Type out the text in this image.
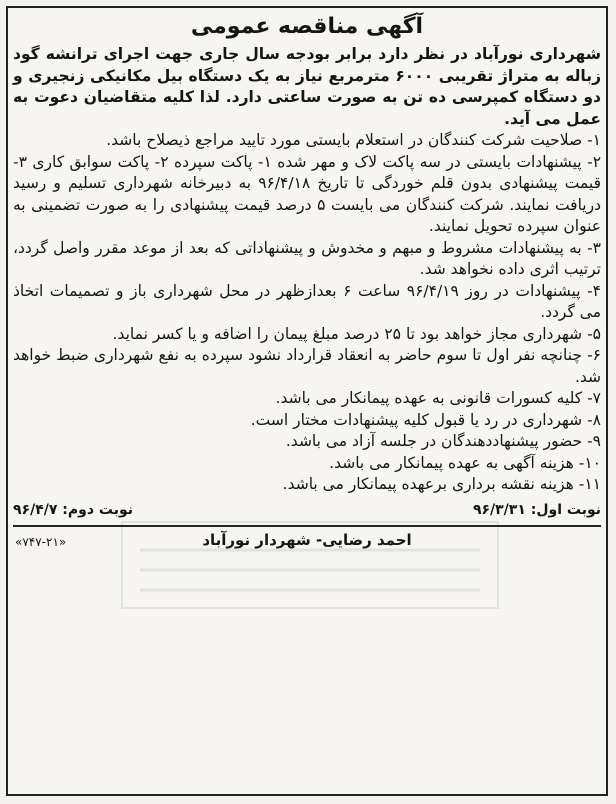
آگهی مناقصه عمومی

شهرداری نورآباد در نظر دارد برابر بودجه سال جاری جهت اجرای ترانشه گود زباله به متراژ تقریبی ۶۰۰۰ مترمربع نیاز به یک دستگاه بیل مکانیکی زنجیری و دو دستگاه کمپرسی ده تن به صورت ساعتی دارد. لذا کلیه متقاضیان دعوت به عمل می آید.

۱- صلاحیت شرکت کنندگان در استعلام بایستی مورد تایید مراجع ذیصلاح باشد.

۲- پیشنهادات بایستی در سه پاکت لاک و مهر شده ۱- پاکت سپرده ۲- پاکت سوابق کاری ۳- قیمت پیشنهادی بدون قلم خوردگی تا تاریخ ۹۶/۴/۱۸ به دبیرخانه شهرداری تسلیم و رسید دریافت نمایند. شرکت کنندگان می بایست ۵ درصد قیمت پیشنهادی را به صورت تضمینی به عنوان سپرده تحویل نمایند.

۳- به پیشنهادات مشروط و مبهم و مخدوش و پیشنهاداتی که بعد از موعد مقرر واصل گردد، ترتیب اثری داده نخواهد شد.

۴- پیشنهادات در روز ۹۶/۴/۱۹ ساعت ۶ بعدازظهر در محل شهرداری باز و تصمیمات اتخاذ می گردد.

۵- شهرداری مجاز خواهد بود تا ۲۵ درصد مبلغ پیمان را اضافه و یا کسر نماید.

۶- چنانچه نفر اول تا سوم حاضر به انعقاد قرارداد نشود سپرده به نفع شهرداری ضبط خواهد شد.

۷- کلیه کسورات قانونی به عهده پیمانکار می باشد.

۸- شهرداری در رد یا قبول کلیه پیشنهادات مختار است.

۹- حضور پیشنهاددهندگان در جلسه آزاد می باشد.

۱۰- هزینه آگهی به عهده پیمانکار می باشد.

۱۱- هزینه نقشه برداری برعهده پیمانکار می باشد.

نوبت اول: ۹۶/۳/۳۱
نوبت دوم: ۹۶/۴/۷
احمد رضایی- شهردار نورآباد
«۷۴۷-۲۱»
